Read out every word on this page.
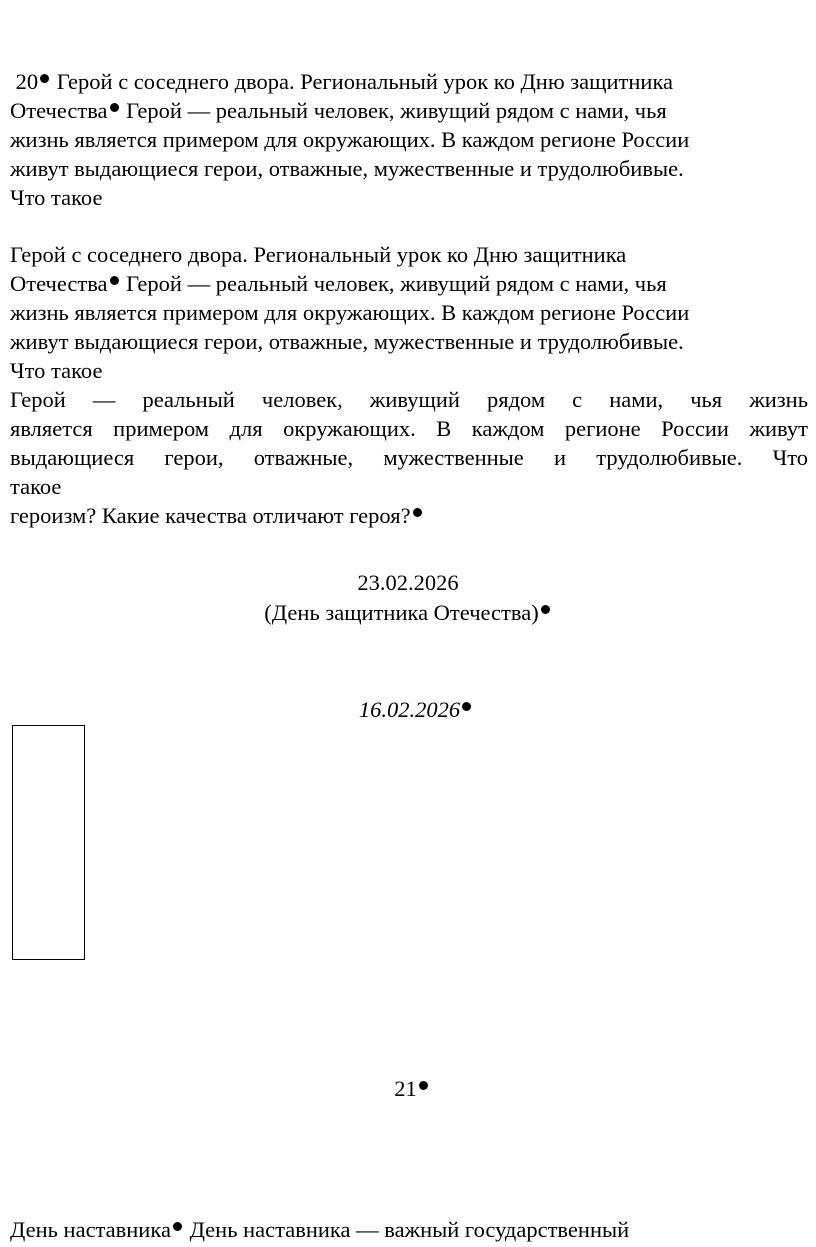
20 Герой с соседнего двора. Региональный урок ко Дню защитника
Отечества Герой — реальный человек, живущий рядом с нами, чья
жизнь является примером для окружающих. В каждом регионе России
живут выдающиеся герои, отважные, мужественные и трудолюбивые.
Что такое
Герой с соседнего двора. Региональный урок ко Дню защитника
Отечества Герой — реальный человек, живущий рядом с нами, чья
жизнь является примером для окружающих. В каждом регионе России
живут выдающиеся герои, отважные, мужественные и трудолюбивые.
Что такое
Герой — реальный человек, живущий рядом с нами, чья жизнь
является примером для окружающих. В каждом регионе России живут
выдающиеся герои, отважные, мужественные и трудолюбивые. Что
такое
героизм? Какие качества отличают героя?
23.02.2026
(День защитника Отечества)
16.02.2026
21
День наставника День наставника — важный государственный
